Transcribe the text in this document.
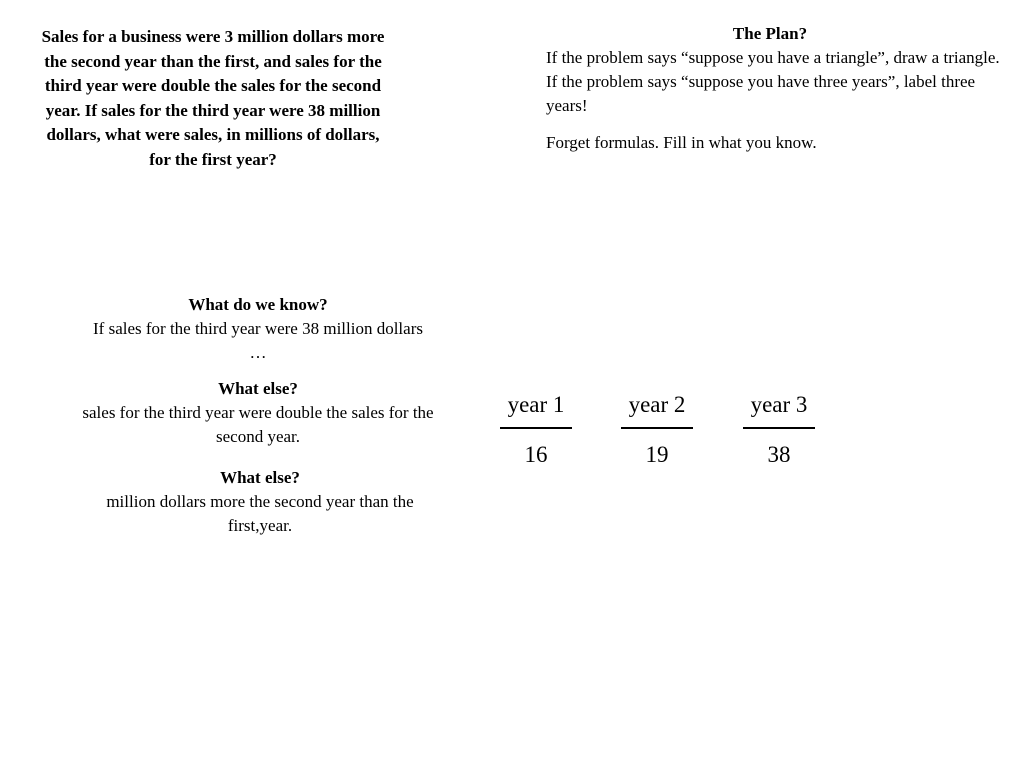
Sales for a business were 3 million dollars more the second year than the first, and sales for the third year were double the sales for the second year. If sales for the third year were 38 million dollars, what were sales, in millions of dollars, for the first year?
The Plan?

If the problem says “suppose you have a triangle”, draw a triangle. If the problem says “suppose you have three years”, label three years!

Forget formulas. Fill in what you know.

What do we know?
If sales for the third year were 38 million dollars …
What else?
sales for the third year were double the sales for the second year.
What else?
million dollars more the second year than the first,year.
year 1
16
year 2
19
year 3
38
